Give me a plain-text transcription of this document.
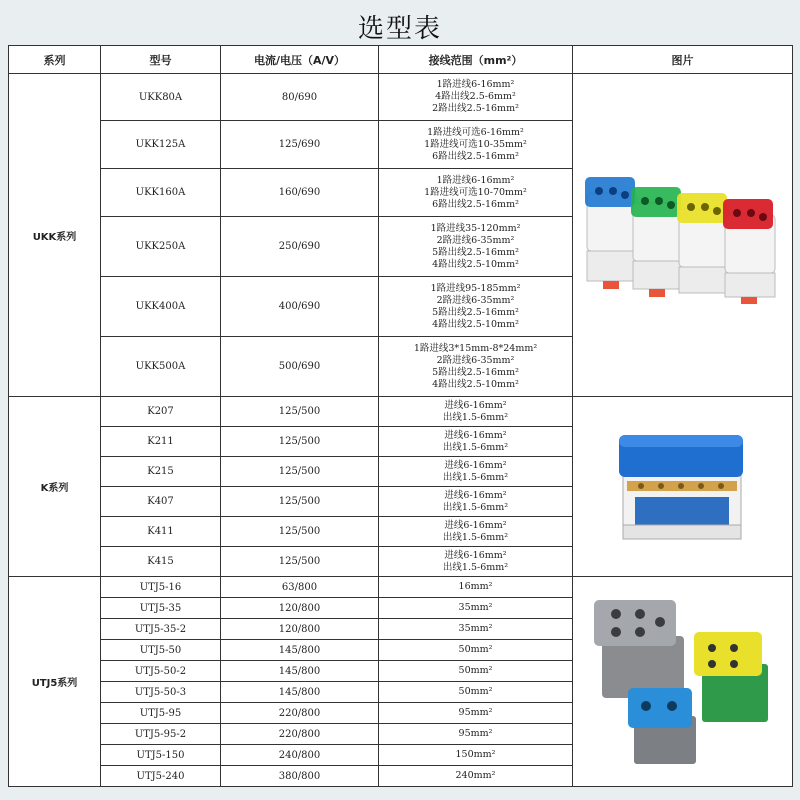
选型表
系列	型号	电流/电压（A/V）	接线范围（mm²）	图片
UKK系列	UKK80A	80/690	1路进线6-16mm²
4路出线2.5-6mm²
2路出线2.5-16mm²

	UKK125A	125/690	1路进线可选6-16mm²
1路进线可选10-35mm²
6路出线2.5-16mm²	

	UKK160A	160/690	1路进线6-16mm²
1路进线可选10-70mm²
6路出线2.5-16mm²	

	UKK250A	250/690	1路进线35-120mm²
2路进线6-35mm²
5路出线2.5-16mm²
4路出线2.5-10mm²	

	UKK400A	400/690	1路进线95-185mm²
2路进线6-35mm²
5路出线2.5-16mm²
4路出线2.5-10mm²	

	UKK500A	500/690	1路进线3*15mm-8*24mm²
2路进线6-35mm²
5路出线2.5-16mm²
4路出线2.5-10mm²	

K系列	K207	125/500	进线6-16mm²
出线1.5-6mm²

	K211	125/500	进线6-16mm²
出线1.5-6mm²	

	K215	125/500	进线6-16mm²
出线1.5-6mm²	

	K407	125/500	进线6-16mm²
出线1.5-6mm²	

	K411	125/500	进线6-16mm²
出线1.5-6mm²	

	K415	125/500	进线6-16mm²
出线1.5-6mm²	

UTJ5系列	UTJ5-16	63/800	16mm²	

	UTJ5-35	120/800	35mm²	
	UTJ5-35-2	120/800	35mm²	
	UTJ5-50	145/800	50mm²	
	UTJ5-50-2	145/800	50mm²	
	UTJ5-50-3	145/800	50mm²	
	UTJ5-95	220/800	95mm²	
	UTJ5-95-2	220/800	95mm²	
	UTJ5-150	240/800	150mm²	
	UTJ5-240	380/800	240mm²	
